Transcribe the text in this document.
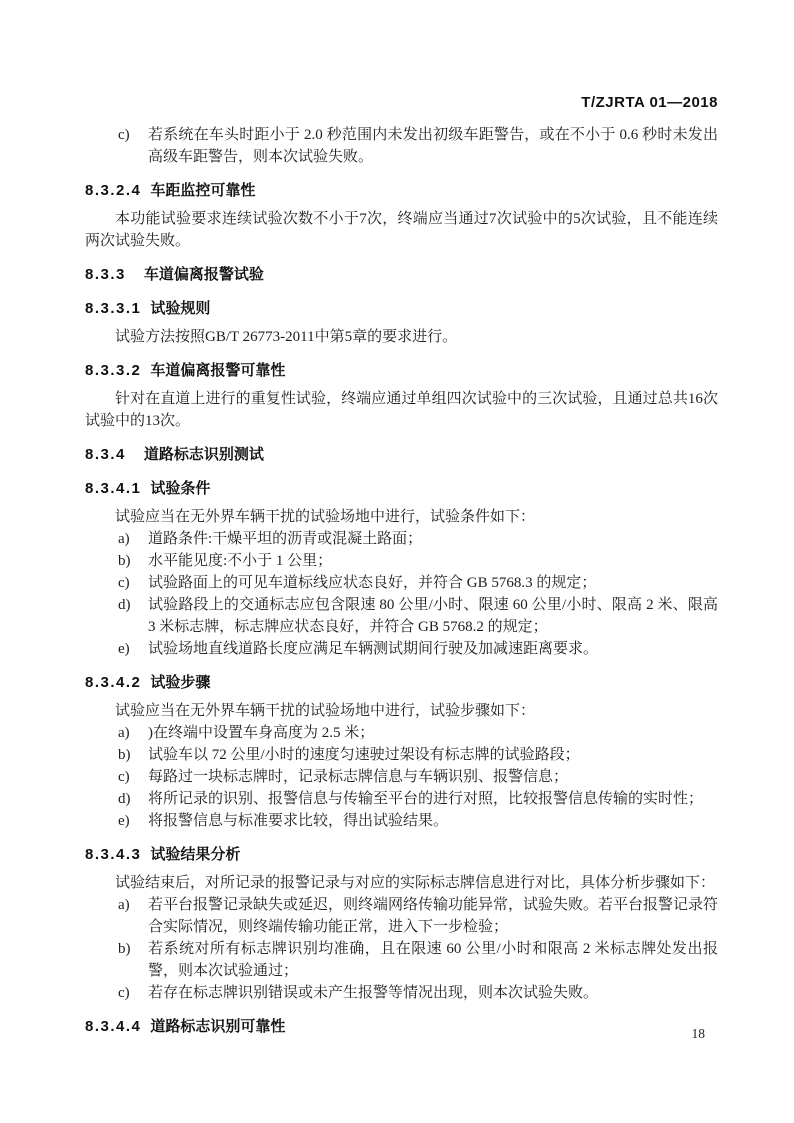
T/ZJRTA 01—2018
c)	若系统在车头时距小于 2.0 秒范围内未发出初级车距警告，或在不小于 0.6 秒时未发出高级车距警告，则本次试验失败。
8.3.2.4 车距监控可靠性

本功能试验要求连续试验次数不小于7次，终端应当通过7次试验中的5次试验，且不能连续两次试验失败。

8.3.3 车道偏离报警试验
8.3.3.1 试验规则

试验方法按照GB/T 26773-2011中第5章的要求进行。

8.3.3.2 车道偏离报警可靠性

针对在直道上进行的重复性试验，终端应通过单组四次试验中的三次试验，且通过总共16次试验中的13次。

8.3.4 道路标志识别测试
8.3.4.1 试验条件

试验应当在无外界车辆干扰的试验场地中进行，试验条件如下：

a)	道路条件:干燥平坦的沥青或混凝土路面；
b)	水平能见度:不小于 1 公里；
c)	试验路面上的可见车道标线应状态良好，并符合 GB 5768.3 的规定；
d)	试验路段上的交通标志应包含限速 80 公里/小时、限速 60 公里/小时、限高 2 米、限高 3 米标志牌，标志牌应状态良好，并符合 GB 5768.2 的规定；
e)	试验场地直线道路长度应满足车辆测试期间行驶及加减速距离要求。
8.3.4.2 试验步骤

试验应当在无外界车辆干扰的试验场地中进行，试验步骤如下：

a)	)在终端中设置车身高度为 2.5 米；
b)	试验车以 72 公里/小时的速度匀速驶过架设有标志牌的试验路段；
c)	每路过一块标志牌时，记录标志牌信息与车辆识别、报警信息；
d)	将所记录的识别、报警信息与传输至平台的进行对照，比较报警信息传输的实时性；
e)	将报警信息与标准要求比较，得出试验结果。
8.3.4.3 试验结果分析

试验结束后，对所记录的报警记录与对应的实际标志牌信息进行对比，具体分析步骤如下：

a)	若平台报警记录缺失或延迟，则终端网络传输功能异常，试验失败。若平台报警记录符合实际情况，则终端传输功能正常，进入下一步检验；
b)	若系统对所有标志牌识别均准确，且在限速 60 公里/小时和限高 2 米标志牌处发出报警，则本次试验通过；
c)	若存在标志牌识别错误或未产生报警等情况出现，则本次试验失败。
8.3.4.4 道路标志识别可靠性	18
